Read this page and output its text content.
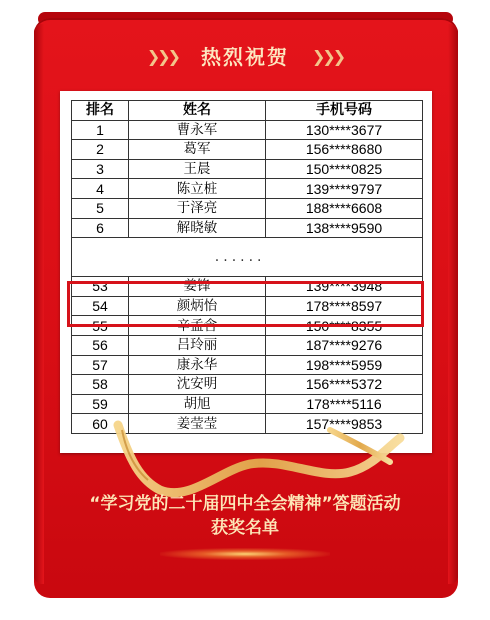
❯❯❯ 热烈祝贺 ❯❯❯
排名	姓名	手机号码
1	曹永军	130****3677
2	葛军	156****8680
3	王晨	150****0825
4	陈立桩	139****9797
5	于泽亮	188****6608
6	解晓敏	138****9590
	......	
53	姜锋	139****3948
54	颜炳怡	178****8597
55	辛孟含	150****8355
56	吕玲丽	187****9276
57	康永华	198****5959
58	沈安明	156****5372
59	胡旭	178****5116
60	姜莹莹	157****9853
“学习党的二十届四中全会精神”答题活动
获奖名单
